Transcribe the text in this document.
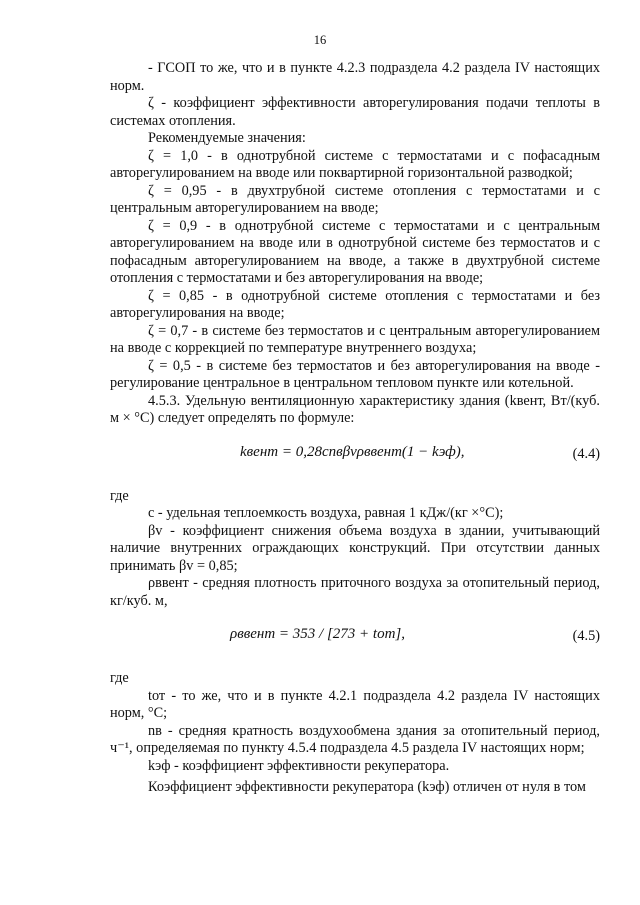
16

- ГСОП то же, что и в пункте 4.2.3 подраздела 4.2 раздела IV настоящих норм.

ζ - коэффициент эффективности авторегулирования подачи теплоты в системах отопления.

Рекомендуемые значения:

ζ = 1,0 - в однотрубной системе с термостатами и с пофасадным авторегулированием на вводе или поквартирной горизонтальной разводкой;

ζ = 0,95 - в двухтрубной системе отопления с термостатами и с центральным авторегулированием на вводе;

ζ = 0,9 - в однотрубной системе с термостатами и с центральным авторегулированием на вводе или в однотрубной системе без термостатов и с пофасадным авторегулированием на вводе, а также в двухтрубной системе отопления с термостатами и без авторегулирования на вводе;

ζ = 0,85 - в однотрубной системе отопления с термостатами и без авторегулирования на вводе;

ζ = 0,7 - в системе без термостатов и с центральным авторегулированием на вводе с коррекцией по температуре внутреннего воздуха;

ζ = 0,5 - в системе без термостатов и без авторегулирования на вводе - регулирование центральное в центральном тепловом пункте или котельной.

4.5.3. Удельную вентиляционную характеристику здания (kвент, Вт/(куб. м × °С) следует определять по формуле:

kвент = 0,28cnвβvρввент(1 − kэф),	(4.4)

где

с - удельная теплоемкость воздуха, равная 1 кДж/(кг ×°С);

βv - коэффициент снижения объема воздуха в здании, учитывающий наличие внутренних ограждающих конструкций. При отсутствии данных принимать βv = 0,85;

ρввент - средняя плотность приточного воздуха за отопительный период, кг/куб. м,

ρввент = 353 / [273 + tот],	(4.5)

где

tот - то же, что и в пункте 4.2.1 подраздела 4.2 раздела IV настоящих норм, °С;

nв - средняя кратность воздухообмена здания за отопительный период, ч⁻¹, определяемая по пункту 4.5.4 подраздела 4.5 раздела IV настоящих норм;

kэф - коэффициент эффективности рекуператора.

Коэффициент эффективности рекуператора (kэф) отличен от нуля в том
